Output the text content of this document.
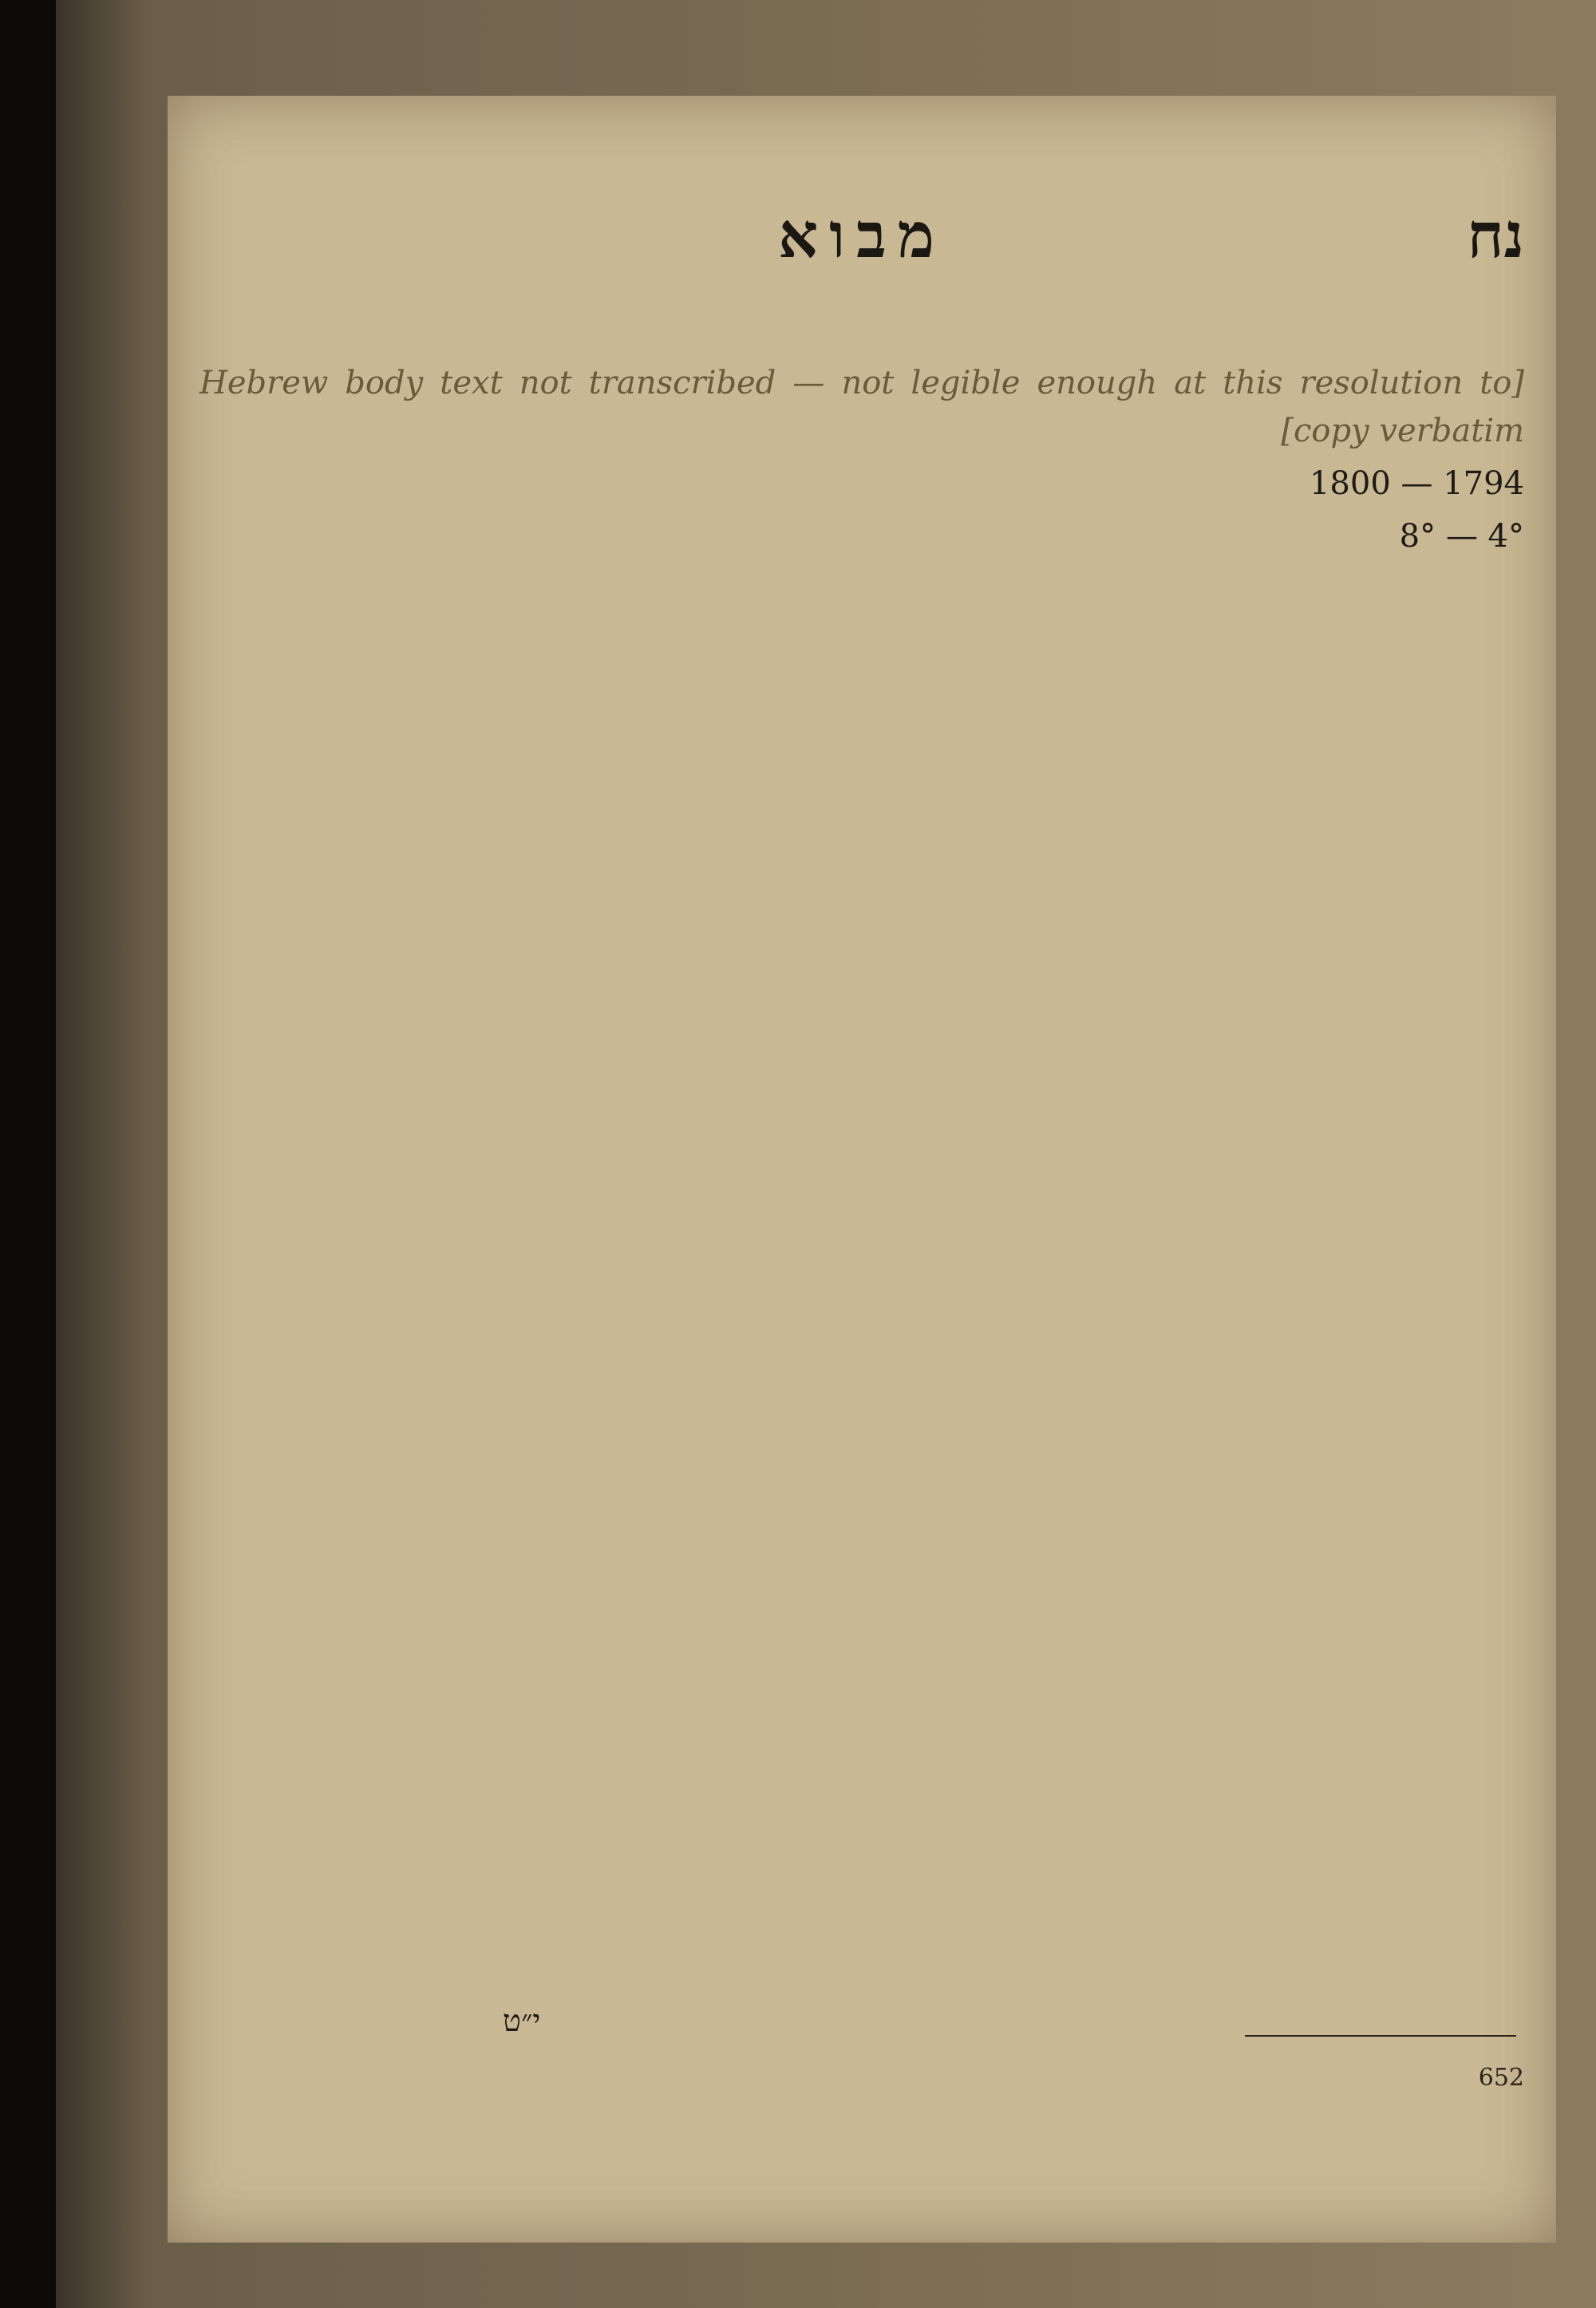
נח
מבוא

[Hebrew body text not transcribed — not legible enough at this resolution to copy verbatim]

1794 — 1800

4° — 8°

י״ט
652
